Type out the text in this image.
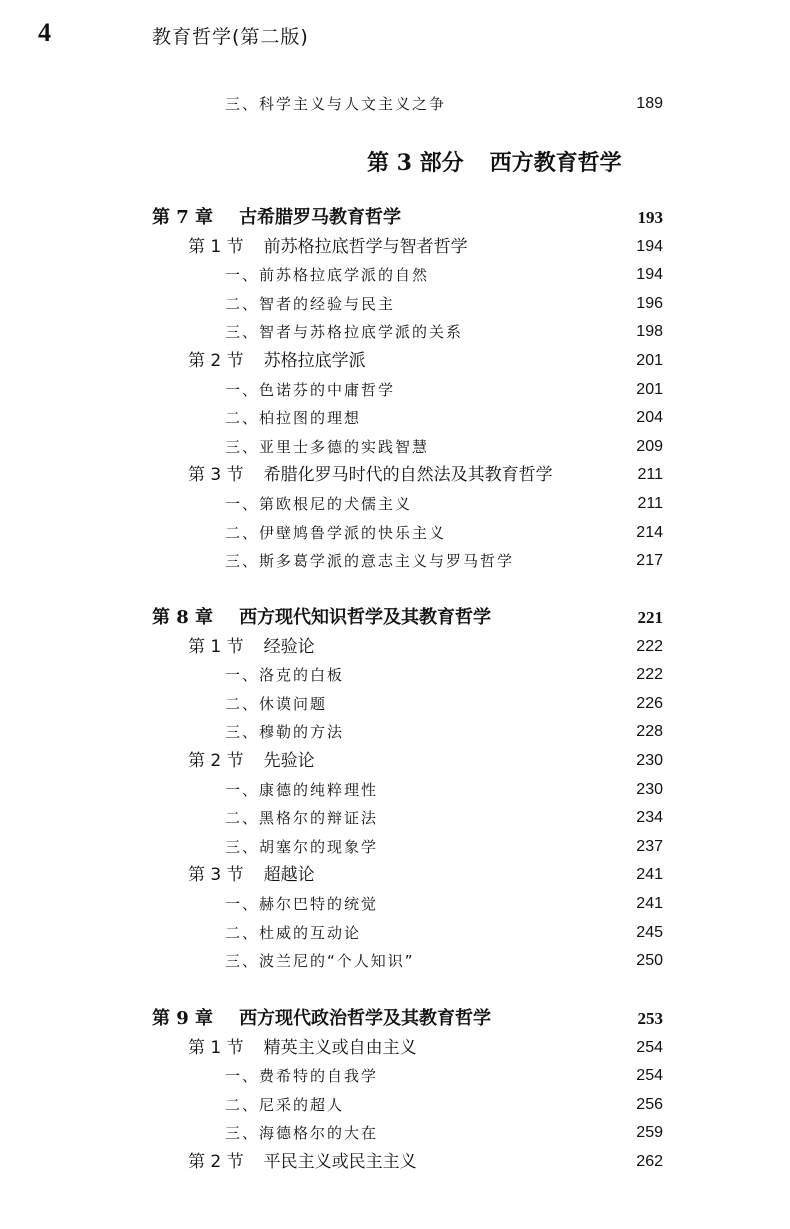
4	教育哲学(第二版)
三、科学主义与人文主义之争	189
第 3 部分 西方教育哲学
第 7 章 古希腊罗马教育哲学	193
第 1 节 前苏格拉底哲学与智者哲学	194
一、前苏格拉底学派的自然	194
二、智者的经验与民主	196
三、智者与苏格拉底学派的关系	198
第 2 节 苏格拉底学派	201
一、色诺芬的中庸哲学	201
二、柏拉图的理想	204
三、亚里士多德的实践智慧	209
第 3 节 希腊化罗马时代的自然法及其教育哲学	211
一、第欧根尼的犬儒主义	211
二、伊壁鸠鲁学派的快乐主义	214
三、斯多葛学派的意志主义与罗马哲学	217
第 8 章 西方现代知识哲学及其教育哲学	221
第 1 节 经验论	222
一、洛克的白板	222
二、休谟问题	226
三、穆勒的方法	228
第 2 节 先验论	230
一、康德的纯粹理性	230
二、黑格尔的辩证法	234
三、胡塞尔的现象学	237
第 3 节 超越论	241
一、赫尔巴特的统觉	241
二、杜威的互动论	245
三、波兰尼的“个人知识”	250
第 9 章 西方现代政治哲学及其教育哲学	253
第 1 节 精英主义或自由主义	254
一、费希特的自我学	254
二、尼采的超人	256
三、海德格尔的大在	259
第 2 节 平民主义或民主主义	262
